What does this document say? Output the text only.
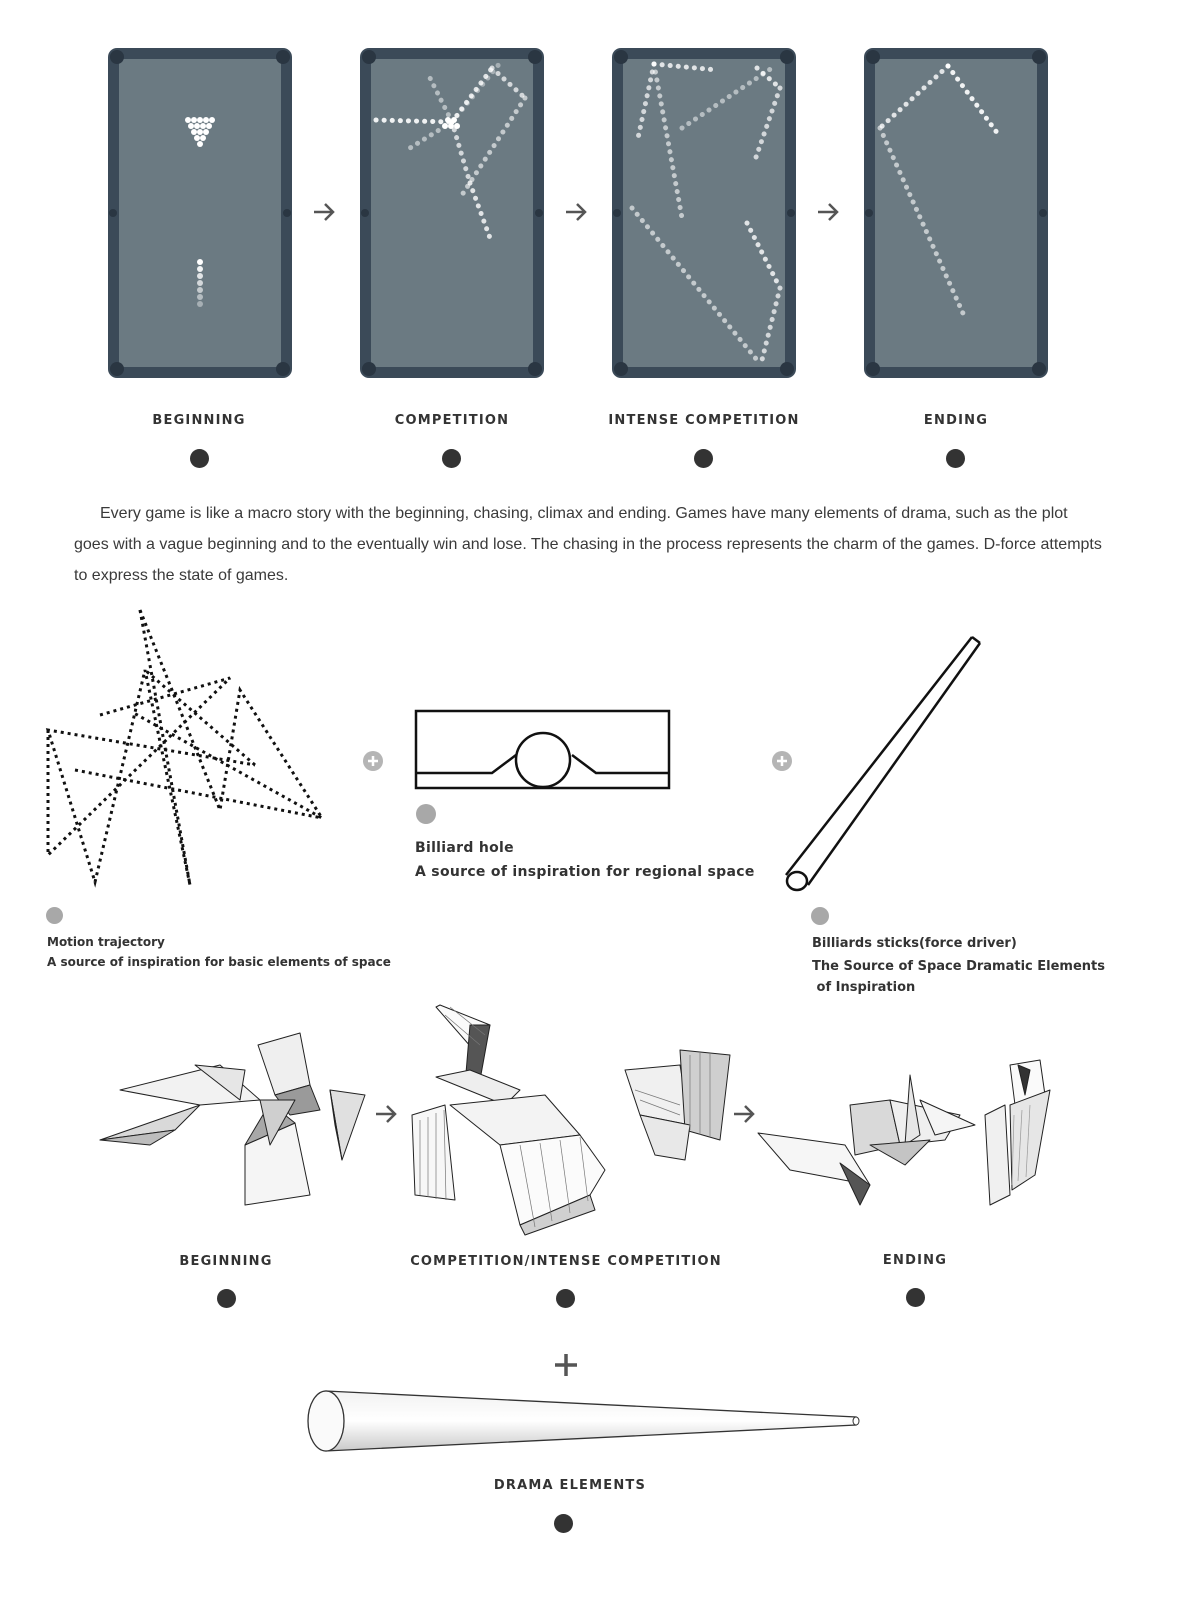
BEGINNING	COMPETITION	INTENSE COMPETITION	ENDING

Every game is like a macro story with the beginning, chasing, climax and ending. Games have many elements of drama, such as the plot goes with a vague beginning and to the eventually win and lose. The chasing in the process represents the charm of the games. D-force attempts to express the state of games.

Motion trajectory
A source of inspiration for basic elements of space
Billiard hole
A source of inspiration for regional space
Billiards sticks(force driver)
The Source of Space Dramatic Elements
of Inspiration
BEGINNING	COMPETITION/INTENSE COMPETITION	ENDING
DRAMA ELEMENTS
